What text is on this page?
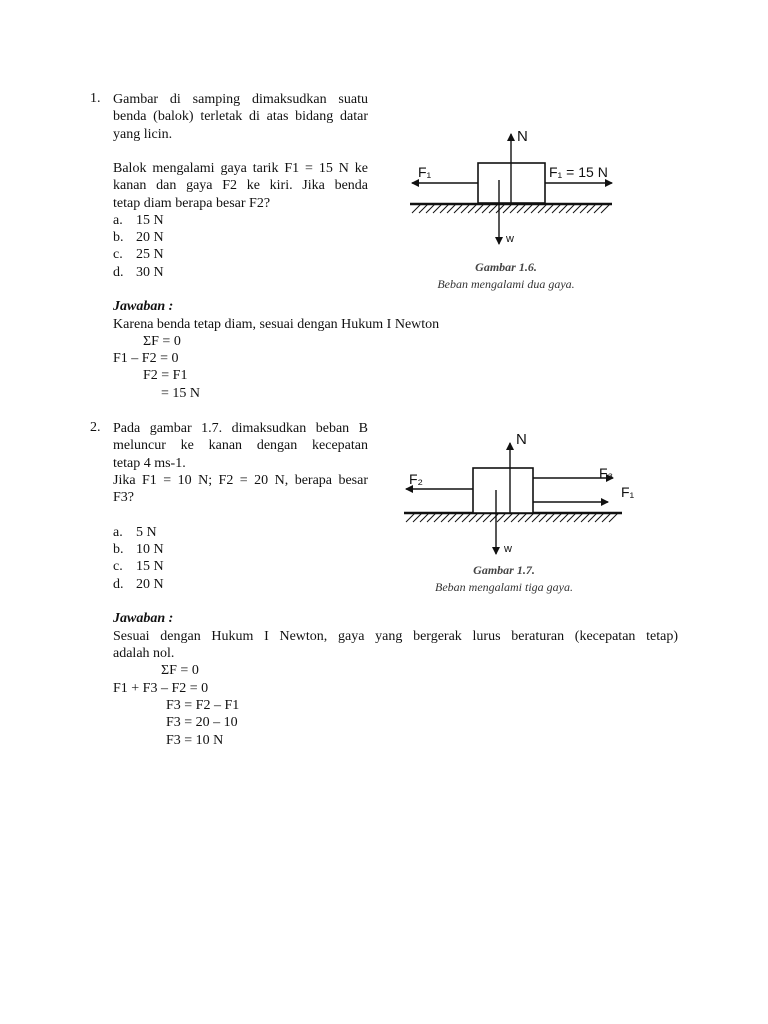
1. Gambar di samping dimaksudkan suatu
benda (balok) terletak di atas bidang datar
yang licin.
Balok mengalami gaya tarik F1 = 15 N ke
kanan dan gaya F2 ke kiri. Jika benda
tetap diam berapa besar F2?
a. 15 N
b. 20 N
c. 25 N
d. 30 N
Jawaban :
Karena benda tetap diam, sesuai dengan Hukum I Newton
ΣF = 0
F1 – F2 = 0
F2 = F1
= 15 N
N
F₁	F₁ = 15 N
w
Gambar 1.6.
Beban mengalami dua gaya.
2. Pada gambar 1.7. dimaksudkan beban B
meluncur ke kanan dengan kecepatan
tetap 4 ms-1.
Jika F1 = 10 N; F2 = 20 N, berapa besar
F3?
a. 5 N
b. 10 N
c. 15 N
d. 20 N
Jawaban :
Sesuai dengan Hukum I Newton, gaya yang bergerak lurus beraturan (kecepatan tetap)
adalah nol.
ΣF = 0
F1 + F3 – F2 = 0
F3 = F2 – F1
F3 = 20 – 10
F3 = 10 N
N
F₂	F₃
F₁
w
Gambar 1.7.
Beban mengalami tiga gaya.
